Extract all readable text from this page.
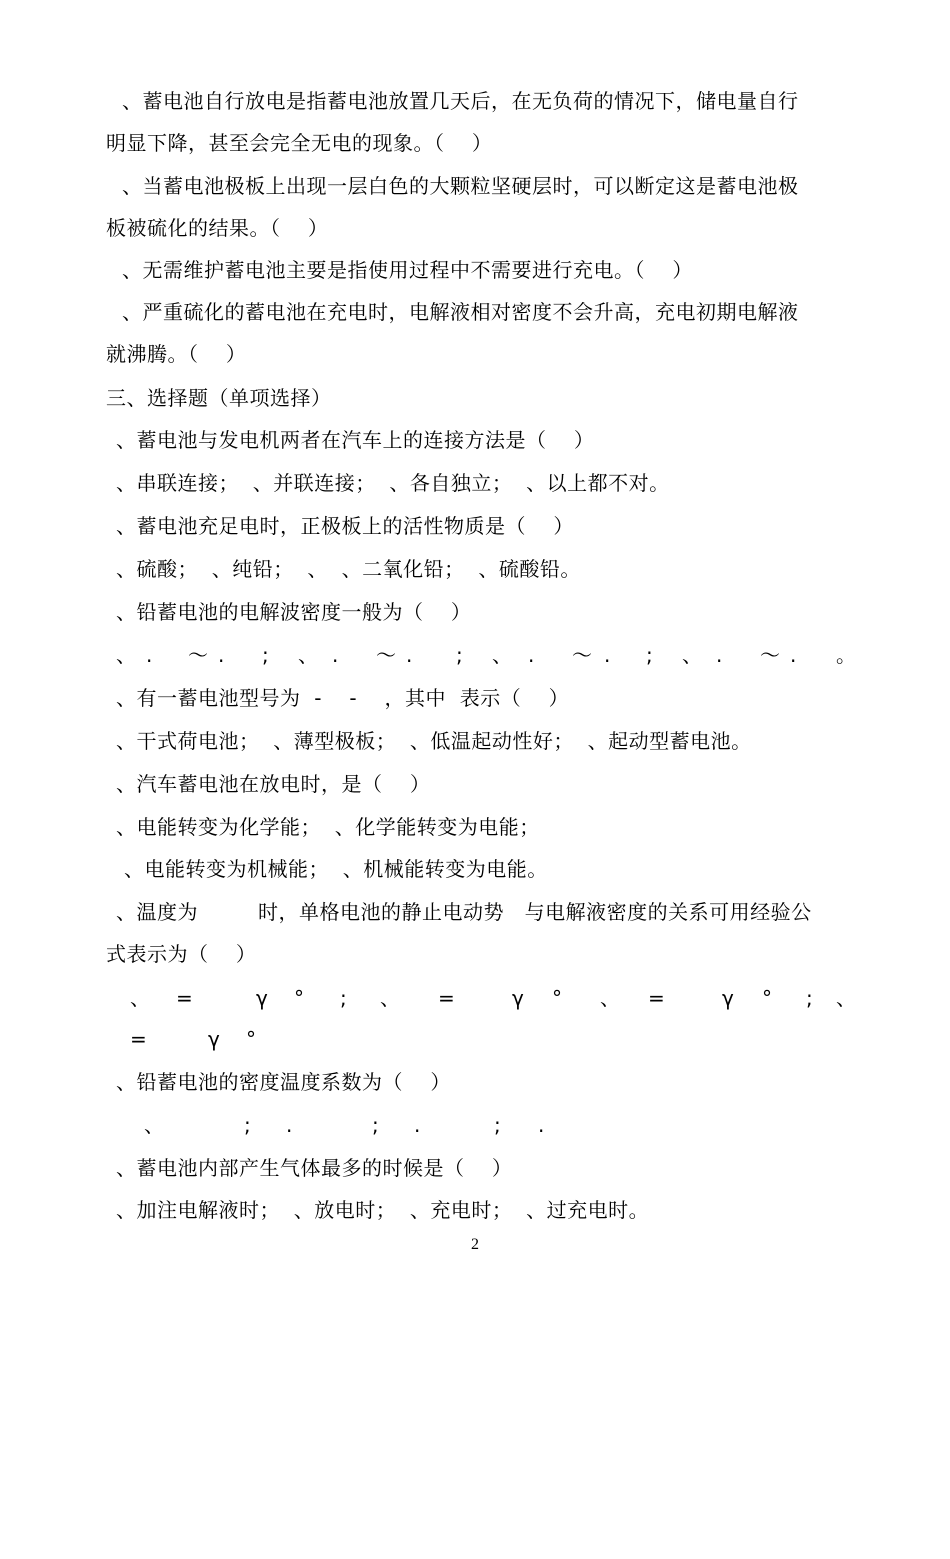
、蓄电池自行放电是指蓄电池放置几天后，在无负荷的情况下，储电量自行
明显下降，甚至会完全无电的现象。（    ）
、当蓄电池极板上出现一层白色的大颗粒坚硬层时，可以断定这是蓄电池极
板被硫化的结果。（    ）
、无需维护蓄电池主要是指使用过程中不需要进行充电。（    ）
、严重硫化的蓄电池在充电时，电解液相对密度不会升高，充电初期电解液
就沸腾。（    ）
三、选择题（单项选择）
、蓄电池与发电机两者在汽车上的连接方法是（    ）
、串联连接；  、并联连接；  、各自独立；  、以上都不对。
、蓄电池充足电时，正极板上的活性物质是（    ）
、硫酸；  、纯铅；  、  、二氧化铅；  、硫酸铅。
、铅蓄电池的电解波密度一般为（    ）

、

.

～

.

;

、

.

～

.

;

、

.

～

.

;

、

.

～

.

。

、有一蓄电池型号为  -    -    ，其中  表示（    ）
、干式荷电池；  、薄型极板；  、低温起动性好；  、起动型蓄电池。
、汽车蓄电池在放电时，是（    ）
、电能转变为化学能；  、化学能转变为电能；
、电能转变为机械能；  、机械能转变为电能。

、温度为

	时，单格电池的静止电动势   与电解液密度的关系可用经验公

式表示为（    ）

、

=

	γ

°

;

、

=

	γ

°

、

=

	γ

°

;

、

=

	γ

°

、铅蓄电池的密度温度系数为（    ）

、

	;

.

	;

.

	;

.

、蓄电池内部产生气体最多的时候是（    ）
、加注电解液时；  、放电时；  、充电时；  、过充电时。
2
